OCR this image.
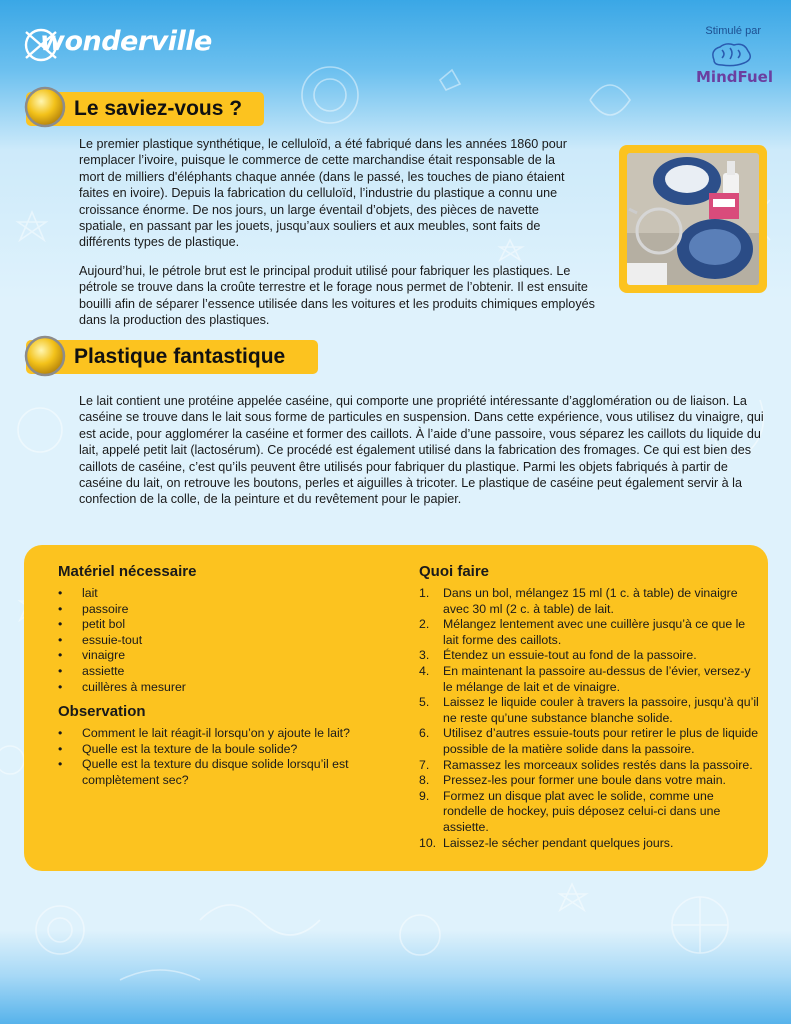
wonderville	Stimulé par
MindFuel
Le saviez-vous ?

Le premier plastique synthétique, le celluloïd, a été fabriqué dans les années 1860 pour remplacer l’ivoire, puisque le commerce de cette marchandise était responsable de la mort de milliers d'éléphants chaque année (dans le passé, les touches de piano étaient faites en ivoire). Depuis la fabrication du celluloïd, l’industrie du plastique a connu une croissance énorme. De nos jours, un large éventail d’objets, des pièces de navette spatiale, en passant par les jouets, jusqu’aux souliers et aux meubles, sont faits de différents types de plastique.

Aujourd’hui, le pétrole brut est le principal produit utilisé pour fabriquer les plastiques. Le pétrole se trouve dans la croûte terrestre et le forage nous permet de l’obtenir. Il est ensuite bouilli afin de séparer l’essence utilisée dans les voitures et les produits chimiques employés dans la production des plastiques.

Plastique fantastique

Le lait contient une protéine appelée caséine, qui comporte une propriété intéressante d’agglomération ou de liaison. La caséine se trouve dans le lait sous forme de particules en suspension. Dans cette expérience, vous utilisez du vinaigre, qui est acide, pour agglomérer la caséine et former des caillots. À l’aide d’une passoire, vous séparez les caillots du liquide du lait, appelé petit lait (lactosérum). Ce procédé est également utilisé dans la fabrication des fromages. Ce qui est bien des caillots de caséine, c’est qu’ils peuvent être utilisés pour fabriquer du plastique. Parmi les objets fabriqués à partir de caséine du lait, on retrouve les boutons, perles et aiguilles à tricoter. Le plastique de caséine peut également servir à la confection de la colle, de la peinture et du revêtement pour le papier.

Matériel nécessaire
• lait
• passoire
• petit bol
• essuie-tout
• vinaigre
• assiette
• cuillères à mesurer
Observation
• Comment le lait réagit-il lorsqu’on y ajoute le lait?
• Quelle est la texture de la boule solide?
• Quelle est la texture du disque solide lorsqu’il est complètement sec?
Quoi faire
1. Dans un bol, mélangez 15 ml (1 c. à table) de vinaigre avec 30 ml (2 c. à table) de lait.
2. Mélangez lentement avec une cuillère jusqu’à ce que le lait forme des caillots.
3. Étendez un essuie-tout au fond de la passoire.
4. En maintenant la passoire au-dessus de l’évier, versez-y le mélange de lait et de vinaigre.
5. Laissez le liquide couler à travers la passoire, jusqu’à qu’il ne reste qu’une substance blanche solide.
6. Utilisez d’autres essuie-touts pour retirer le plus de liquide possible de la matière solide dans la passoire.
7. Ramassez les morceaux solides restés dans la passoire.
8. Pressez-les pour former une boule dans votre main.
9. Formez un disque plat avec le solide, comme une rondelle de hockey, puis déposez celui-ci dans une assiette.
10. Laissez-le sécher pendant quelques jours.
